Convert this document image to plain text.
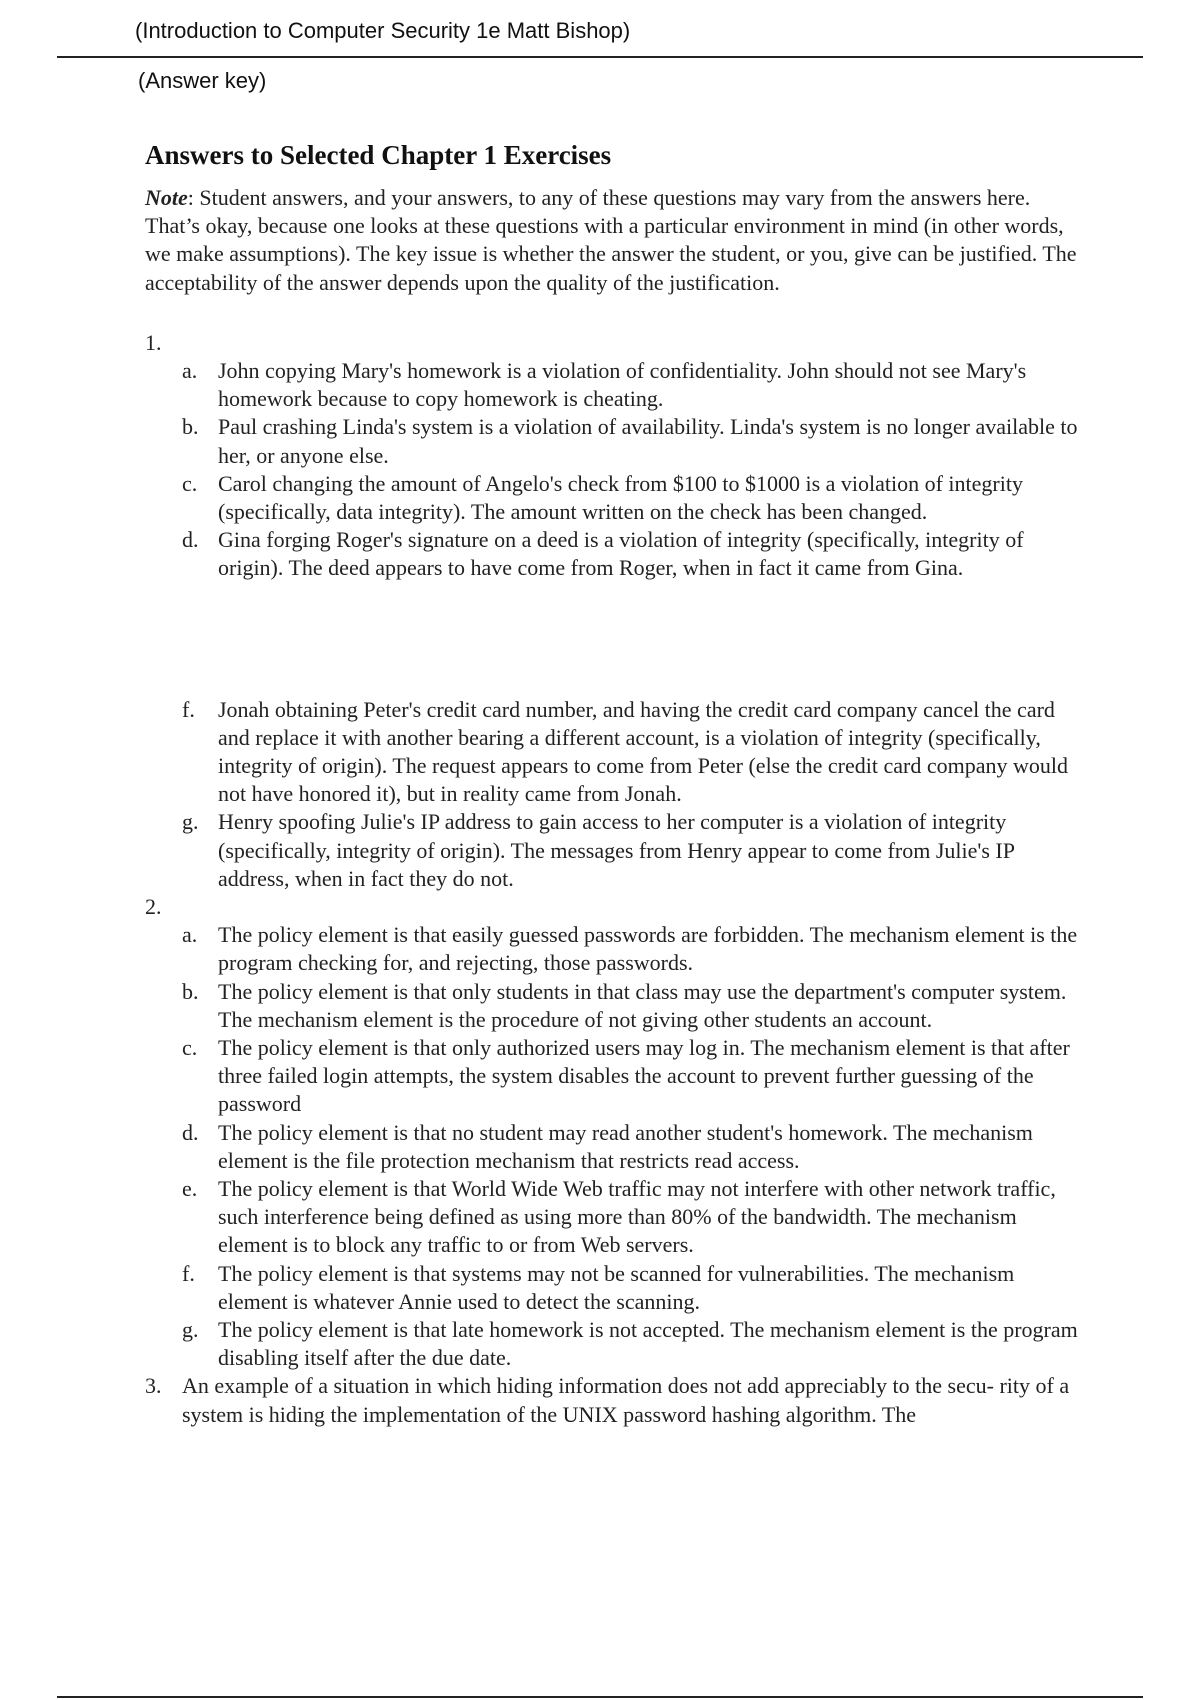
(Introduction to Computer Security 1e Matt Bishop)
(Answer key)
Answers to Selected Chapter 1 Exercises

Note: Student answers, and your answers, to any of these questions may vary from the answers here. That’s okay, because one looks at these questions with a particular environment in mind (in other words, we make assumptions). The key issue is whether the answer the student, or you, give can be justified. The acceptability of the answer depends upon the quality of the justification.

1.
a. John copying Mary's homework is a violation of confidentiality. John should not see Mary's homework because to copy homework is cheating.
b. Paul crashing Linda's system is a violation of availability. Linda's system is no longer available to her, or anyone else.
c. Carol changing the amount of Angelo's check from $100 to $1000 is a violation of integrity (specifically, data integrity). The amount written on the check has been changed.
d. Gina forging Roger's signature on a deed is a violation of integrity (specifically, integrity of origin). The deed appears to have come from Roger, when in fact it came from Gina.
f. Jonah obtaining Peter's credit card number, and having the credit card company cancel the card and replace it with another bearing a different account, is a violation of integrity (specifically, integrity of origin). The request appears to come from Peter (else the credit card company would not have honored it), but in reality came from Jonah.
g. Henry spoofing Julie's IP address to gain access to her computer is a violation of integrity (specifically, integrity of origin). The messages from Henry appear to come from Julie's IP address, when in fact they do not.
2.
a. The policy element is that easily guessed passwords are forbidden. The mechanism element is the program checking for, and rejecting, those passwords.
b. The policy element is that only students in that class may use the department's computer system. The mechanism element is the procedure of not giving other students an account.
c. The policy element is that only authorized users may log in. The mechanism element is that after three failed login attempts, the system disables the account to prevent further guessing of the password
d. The policy element is that no student may read another student's homework. The mechanism element is the file protection mechanism that restricts read access.
e. The policy element is that World Wide Web traffic may not interfere with other network traffic, such interference being defined as using more than 80% of the bandwidth. The mechanism element is to block any traffic to or from Web servers.
f. The policy element is that systems may not be scanned for vulnerabilities. The mechanism element is whatever Annie used to detect the scanning.
g. The policy element is that late homework is not accepted. The mechanism element is the program disabling itself after the due date.
3. An example of a situation in which hiding information does not add appreciably to the secu- rity of a system is hiding the implementation of the UNIX password hashing algorithm. The
